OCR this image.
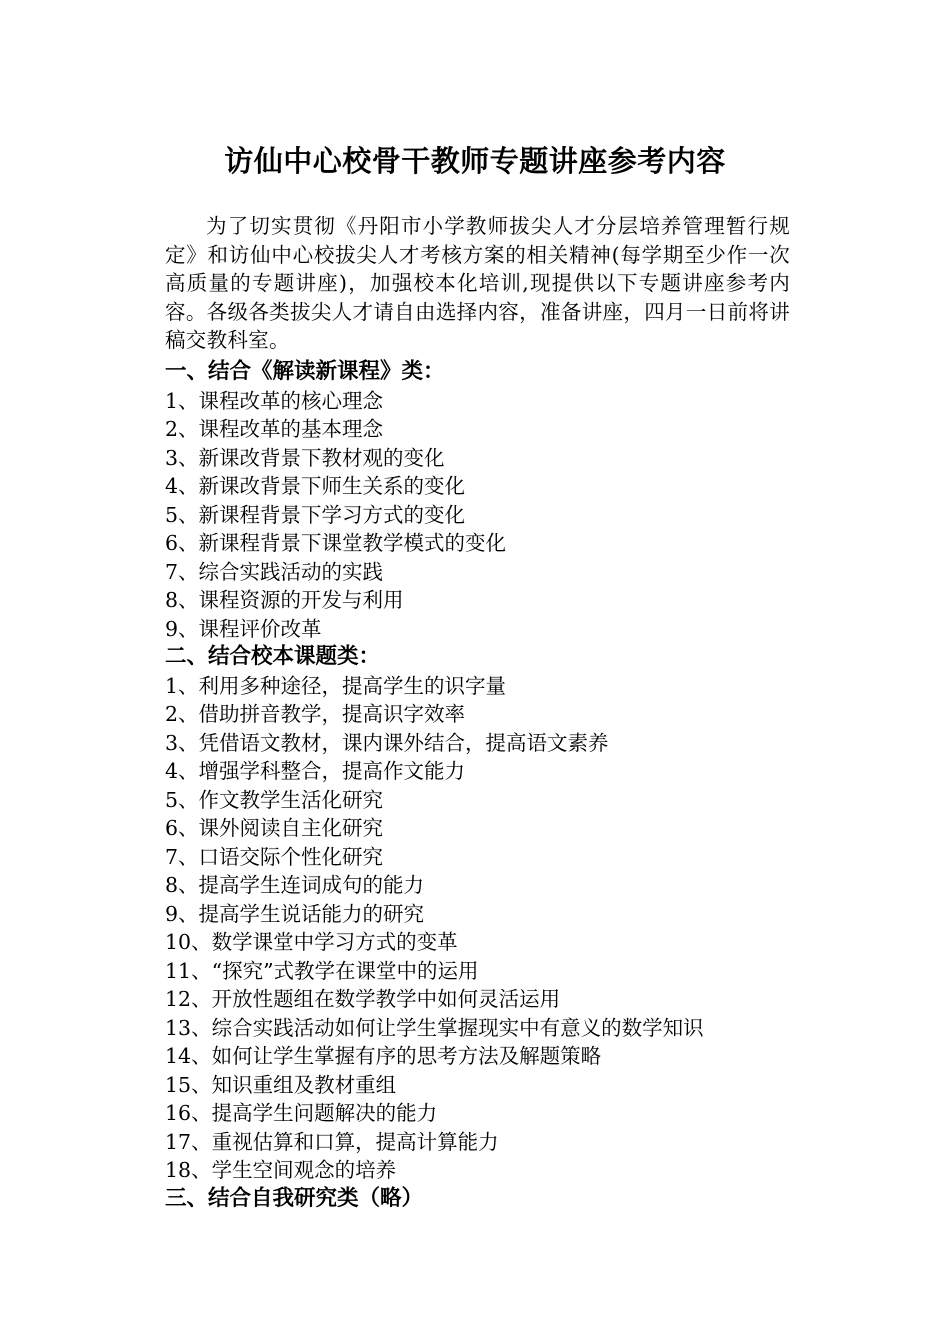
访仙中心校骨干教师专题讲座参考内容

为了切实贯彻《丹阳市小学教师拔尖人才分层培养管理暂行规定》和访仙中心校拔尖人才考核方案的相关精神(每学期至少作一次高质量的专题讲座)，加强校本化培训,现提供以下专题讲座参考内容。各级各类拔尖人才请自由选择内容，准备讲座，四月一日前将讲稿交教科室。

一、结合《解读新课程》类：
1、课程改革的核心理念
2、课程改革的基本理念
3、新课改背景下教材观的变化
4、新课改背景下师生关系的变化
5、新课程背景下学习方式的变化
6、新课程背景下课堂教学模式的变化
7、综合实践活动的实践
8、课程资源的开发与利用
9、课程评价改革
二、结合校本课题类：
1、利用多种途径，提高学生的识字量
2、借助拼音教学，提高识字效率
3、凭借语文教材，课内课外结合，提高语文素养
4、增强学科整合，提高作文能力
5、作文教学生活化研究
6、课外阅读自主化研究
7、口语交际个性化研究
8、提高学生连词成句的能力
9、提高学生说话能力的研究
10、数学课堂中学习方式的变革
11、“探究”式教学在课堂中的运用
12、开放性题组在数学教学中如何灵活运用
13、综合实践活动如何让学生掌握现实中有意义的数学知识
14、如何让学生掌握有序的思考方法及解题策略
15、知识重组及教材重组
16、提高学生问题解决的能力
17、重视估算和口算，提高计算能力
18、学生空间观念的培养
三、结合自我研究类（略）
